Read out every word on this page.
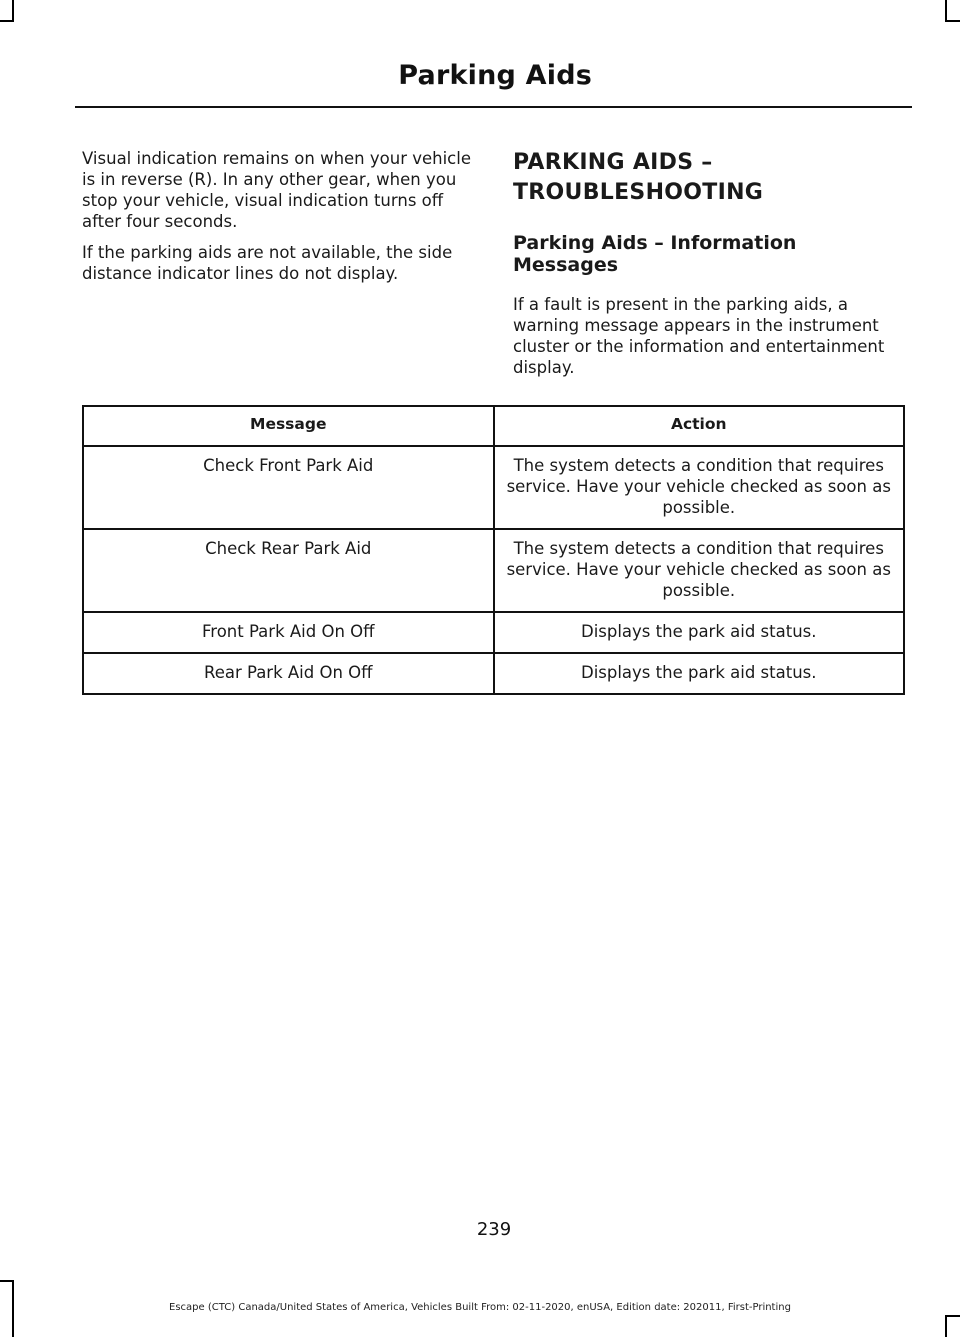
Parking Aids

Visual indication remains on when your vehicle is in reverse (R). In any other gear, when you stop your vehicle, visual indication turns off after four seconds.

If the parking aids are not available, the side distance indicator lines do not display.

PARKING AIDS –
TROUBLESHOOTING
Parking Aids – Information Messages

If a fault is present in the parking aids, a warning message appears in the instrument cluster or the information and entertainment display.

Message	Action
Check Front Park Aid	The system detects a condition that requires service. Have your vehicle checked as soon as possible.
Check Rear Park Aid	The system detects a condition that requires service. Have your vehicle checked as soon as possible.
Front Park Aid On Off	Displays the park aid status.
Rear Park Aid On Off	Displays the park aid status.
239
Escape (CTC) Canada/United States of America, Vehicles Built From: 02-11-2020, enUSA, Edition date: 202011, First-Printing
